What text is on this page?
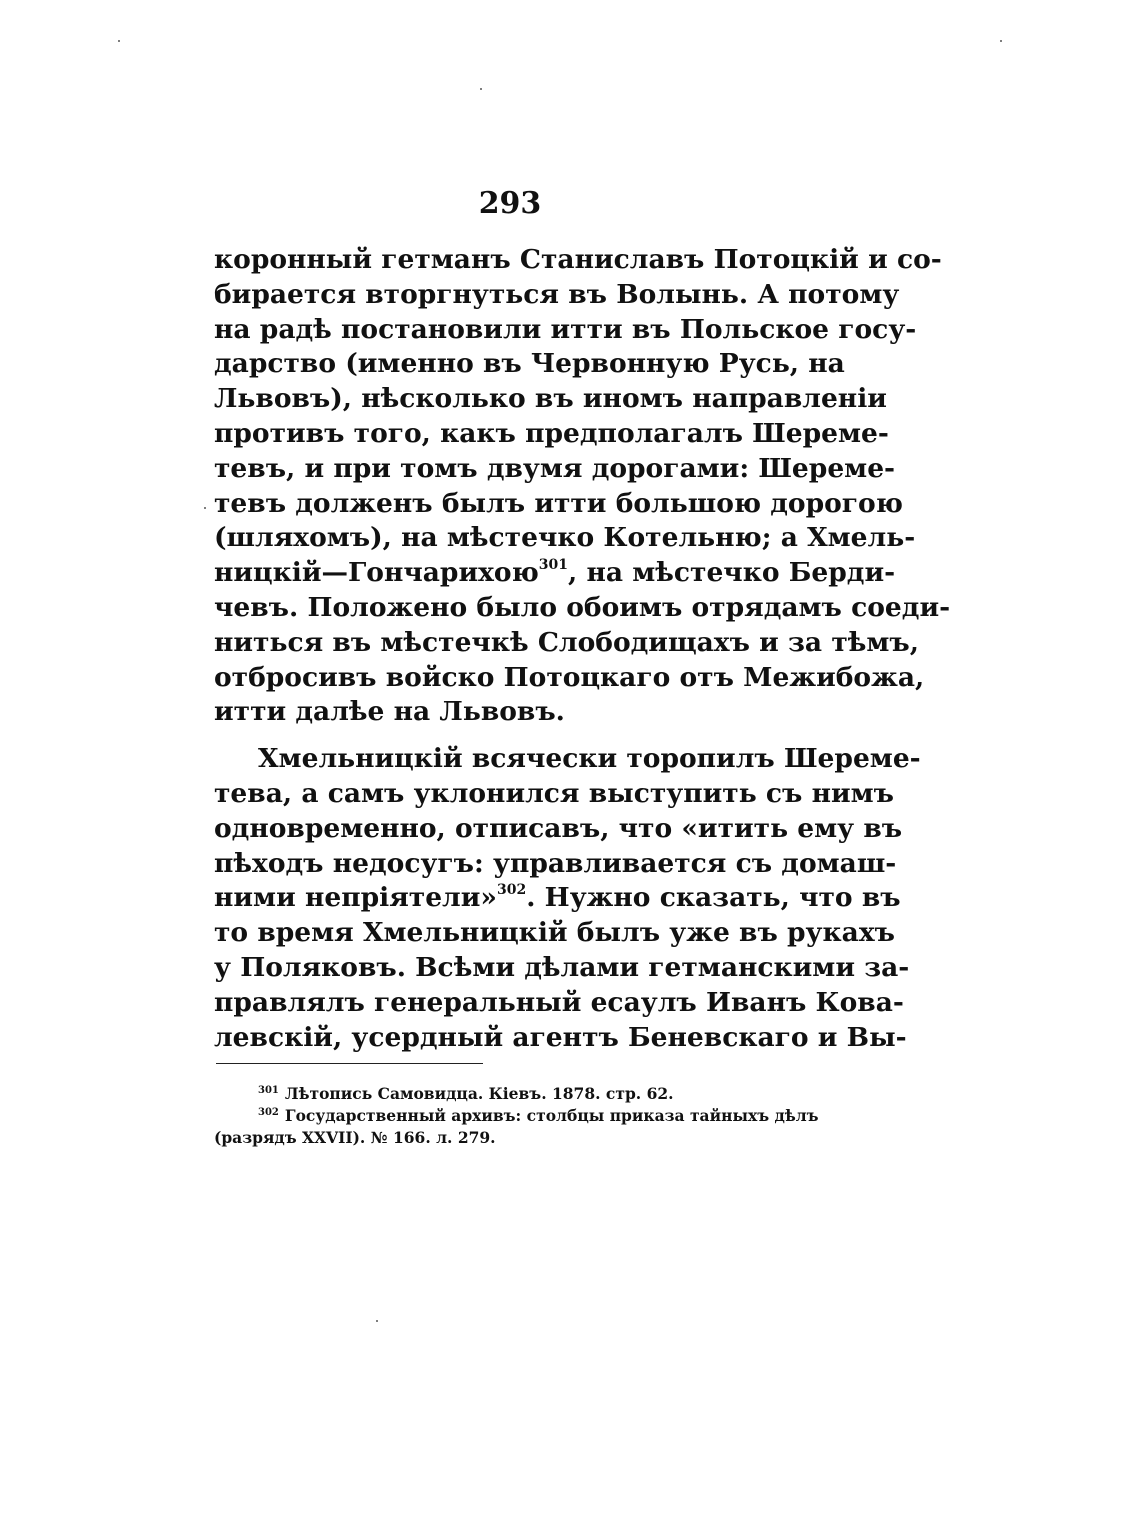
293
коронный гетманъ Станиславъ Потоцкій и со-
бирается вторгнуться въ Волынь. А потому
на радѣ постановили итти въ Польское госу-
дарство (именно въ Червонную Русь, на
Львовъ), нѣсколько въ иномъ направленіи
противъ того, какъ предполагалъ Шереме-
тевъ, и при томъ двумя дорогами: Шереме-
тевъ долженъ былъ итти большою дорогою
(шляхомъ), на мѣстечко Котельню; а Хмель-
ницкій—Гончарихою$^{301}$, на мѣстечко Берди-
чевъ. Положено было обоимъ отрядамъ соеди-
ниться въ мѣстечкѣ Слободищахъ и за тѣмъ,
отбросивъ войско Потоцкаго отъ Межибожа,
итти далѣе на Львовъ.
Хмельницкій всячески торопилъ Шереме-
тева, а самъ уклонился выступить съ нимъ
одновременно, отписавъ, что «итить ему въ
пѣходъ недосугъ: управливается съ домаш-
ними непріятели»$^{302}$. Нужно сказать, что въ
то время Хмельницкій былъ уже въ рукахъ
у Поляковъ. Всѣми дѣлами гетманскими за-
правлялъ генеральный есаулъ Иванъ Кова-
левскій, усердный агентъ Беневскаго и Вы-
$^{301}$ Лѣтопись Самовидца. Кіевъ. 1878. стр. 62.
$^{302}$ Государственный архивъ: столбцы приказа тайныхъ дѣлъ
(разрядъ XXVII). № 166. л. 279.
